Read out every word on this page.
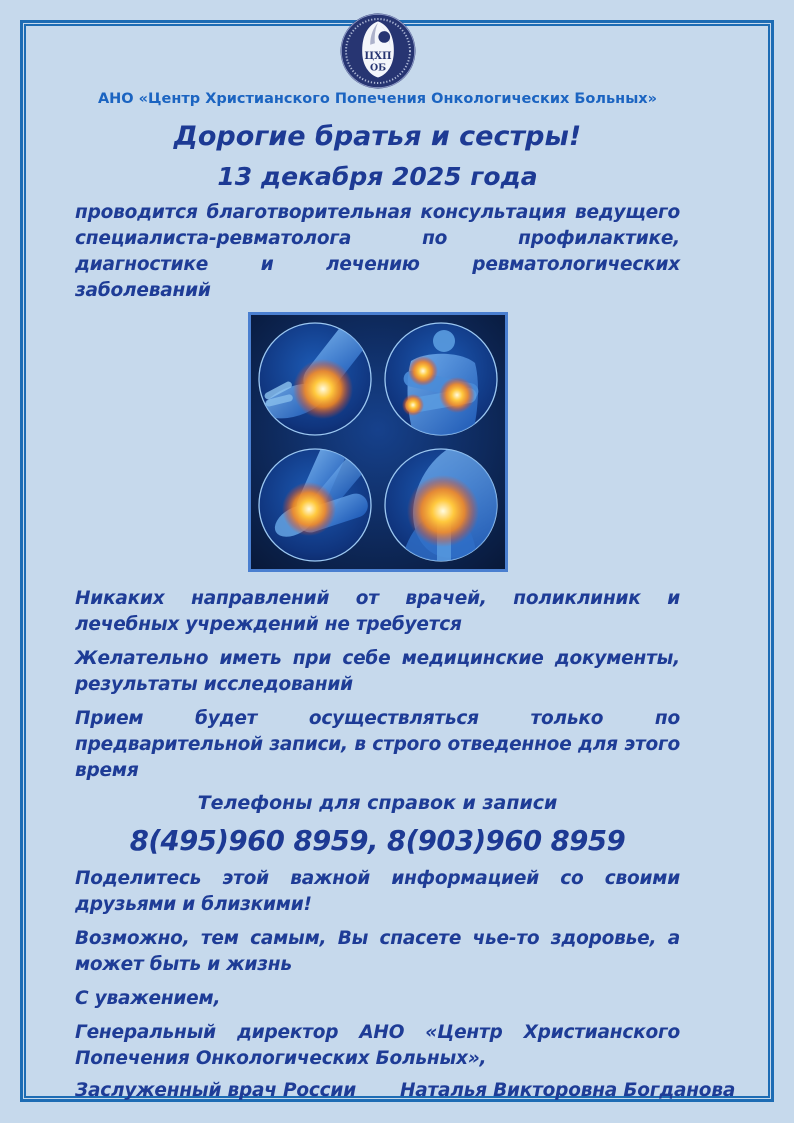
ЦХП
ОБ
АНО «Центр Христианского Попечения Онкологических Больных»
Дорогие братья и сестры!
13 декабря 2025 года

проводится благотворительная консультация ведущего специалиста-ревматолога по профилактике, диагностике и лечению ревматологических заболеваний

Никаких направлений от врачей, поликлиник и лечебных учреждений не требуется

Желательно иметь при себе медицинские документы, результаты исследований

Прием будет осуществляться только по предварительной записи, в строго отведенное для этого время

Телефоны для справок и записи

8(495)960 8959, 8(903)960 8959

Поделитесь этой важной информацией со своими друзьями и близкими!

Возможно, тем самым, Вы спасете чье-то здоровье, а может быть и жизнь

С уважением,

Генеральный директор АНО «Центр Христианского Попечения Онкологических Больных»,

Заслуженный врач России Наталья Викторовна Богданова
